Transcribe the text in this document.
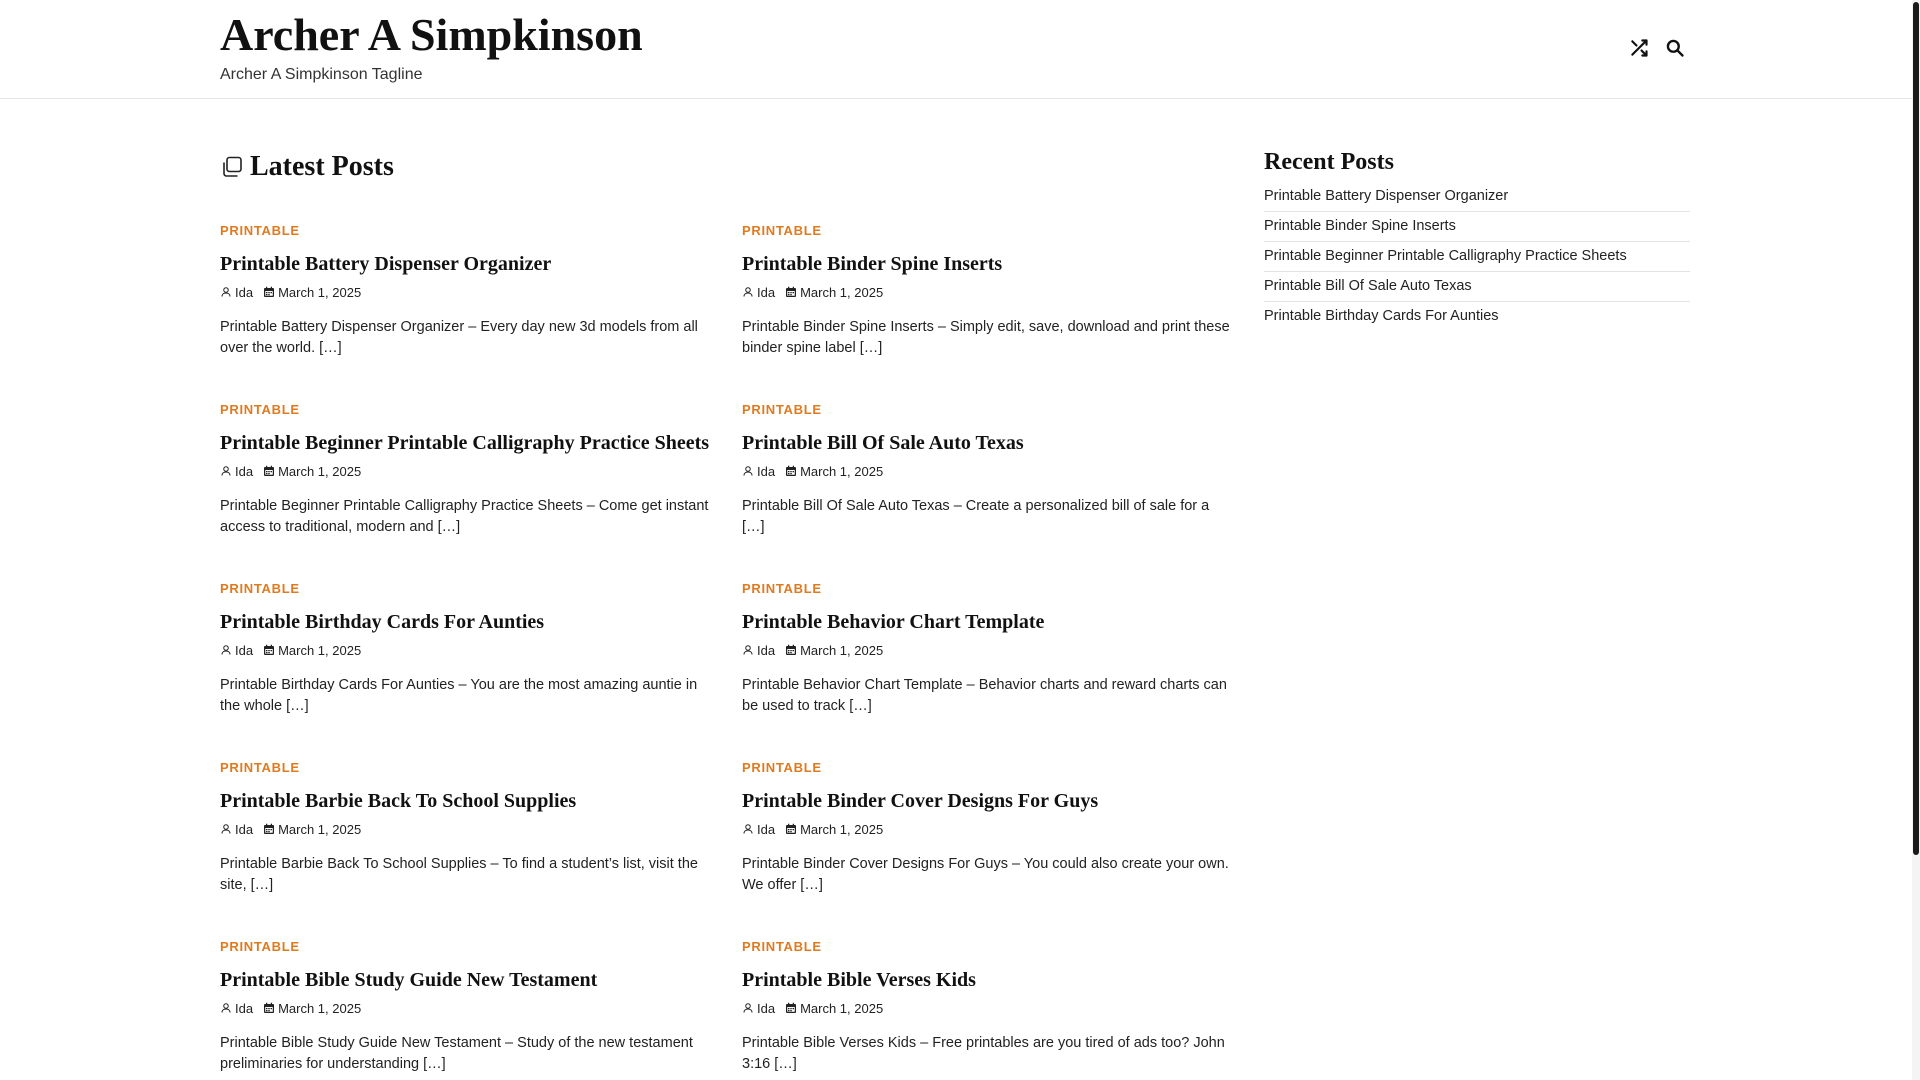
Archer A Simpkinson
Archer A Simpkinson Tagline
Latest Posts
PRINTABLE
Printable Battery Dispenser Organizer
Ida March 1, 2025
Printable Battery Dispenser Organizer – Every day new 3d models from all over the world. […]
PRINTABLE
Printable Binder Spine Inserts
Ida March 1, 2025
Printable Binder Spine Inserts – Simply edit, save, download and print these binder spine label […]
PRINTABLE
Printable Beginner Printable Calligraphy Practice Sheets
Ida March 1, 2025
Printable Beginner Printable Calligraphy Practice Sheets – Come get instant access to traditional, modern and […]
PRINTABLE
Printable Bill Of Sale Auto Texas
Ida March 1, 2025
Printable Bill Of Sale Auto Texas – Create a personalized bill of sale for a […]
PRINTABLE
Printable Birthday Cards For Aunties
Ida March 1, 2025
Printable Birthday Cards For Aunties – You are the most amazing auntie in the whole […]
PRINTABLE
Printable Behavior Chart Template
Ida March 1, 2025
Printable Behavior Chart Template – Behavior charts and reward charts can be used to track […]
PRINTABLE
Printable Barbie Back To School Supplies
Ida March 1, 2025
Printable Barbie Back To School Supplies – To find a student’s list, visit the site, […]
PRINTABLE
Printable Binder Cover Designs For Guys
Ida March 1, 2025
Printable Binder Cover Designs For Guys – You could also create your own. We offer […]
PRINTABLE
Printable Bible Study Guide New Testament
Ida March 1, 2025
Printable Bible Study Guide New Testament – Study of the new testament preliminaries for understanding […]
PRINTABLE
Printable Bible Verses Kids
Ida March 1, 2025
Printable Bible Verses Kids – Free printables are you tired of ads too? John 3:16 […]
Recent Posts
Printable Battery Dispenser Organizer
Printable Binder Spine Inserts
Printable Beginner Printable Calligraphy Practice Sheets
Printable Bill Of Sale Auto Texas
Printable Birthday Cards For Aunties
